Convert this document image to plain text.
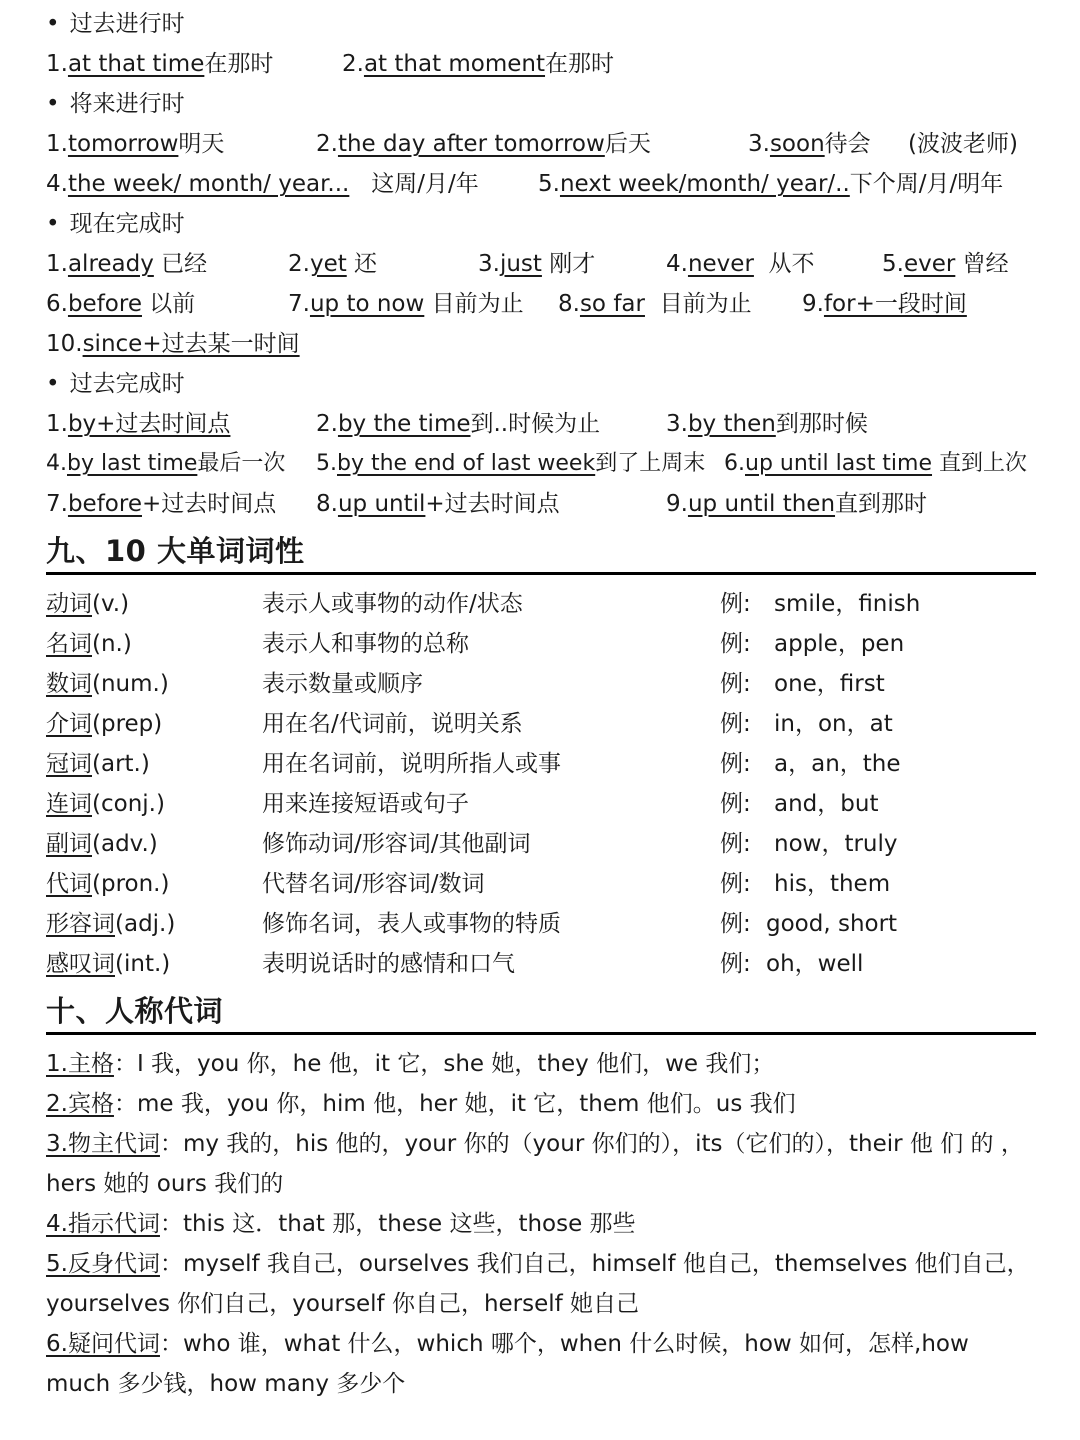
• 过去进行时
1.at that time在那时	2.at that moment在那时
• 将来进行时
1.tomorrow明天	2.the day after tomorrow后天	3.soon待会 (波波老师)
4.the week/ month/ year... 这周/月/年	5.next week/month/ year/..下个周/月/明年
• 现在完成时
1.already 已经	2.yet 还	3.just 刚才	4.never 从不	5.ever 曾经
6.before 以前	7.up to now 目前为止 8.so far 目前为止 9.for+一段时间
10.since+过去某一时间
• 过去完成时
1.by+过去时间点	2.by the time到..时候为止	3.by then到那时候
4.by last time最后一次 5.by the end of last week到了上周末 6.up until last time 直到上次
7.before+过去时间点 8.up until+过去时间点	9.up until then直到那时
九、10 大单词词性
动词(v.)	表示人或事物的动作/状态	例: smile，finish
名词(n.)	表示人和事物的总称	例: apple，pen
数词(num.)	表示数量或顺序	例: one，first
介词(prep)	用在名/代词前，说明关系	例: in，on，at
冠词(art.)	用在名词前，说明所指人或事	例: a，an，the
连词(conj.)	用来连接短语或句子	例: and，but
副词(adv.)	修饰动词/形容词/其他副词	例: now，truly
代词(pron.)	代替名词/形容词/数词	例: his，them
形容词(adj.)	修饰名词，表人或事物的特质	例: good, short
感叹词(int.)	表明说话时的感情和口气	例: oh，well
十、人称代词
1.主格：I 我，you 你，he 他，it 它，she 她，they 他们，we 我们；
2.宾格：me 我，you 你，him 他，her 她，it 它，them 他们。us 我们
3.物主代词：my 我的，his 他的，your 你的（your 你们的），its（它们的），their 他 们 的 ，hers 她的 ours 我们的
4.指示代词：this 这．that 那，these 这些，those 那些
5.反身代词：myself 我自己，ourselves 我们自己，himself 他自己，themselves 他们自己，yourselves 你们自己，yourself 你自己，herself 她自己
6.疑问代词：who 谁，what 什么，which 哪个，when 什么时候，how 如何，怎样,how much 多少钱，how many 多少个
